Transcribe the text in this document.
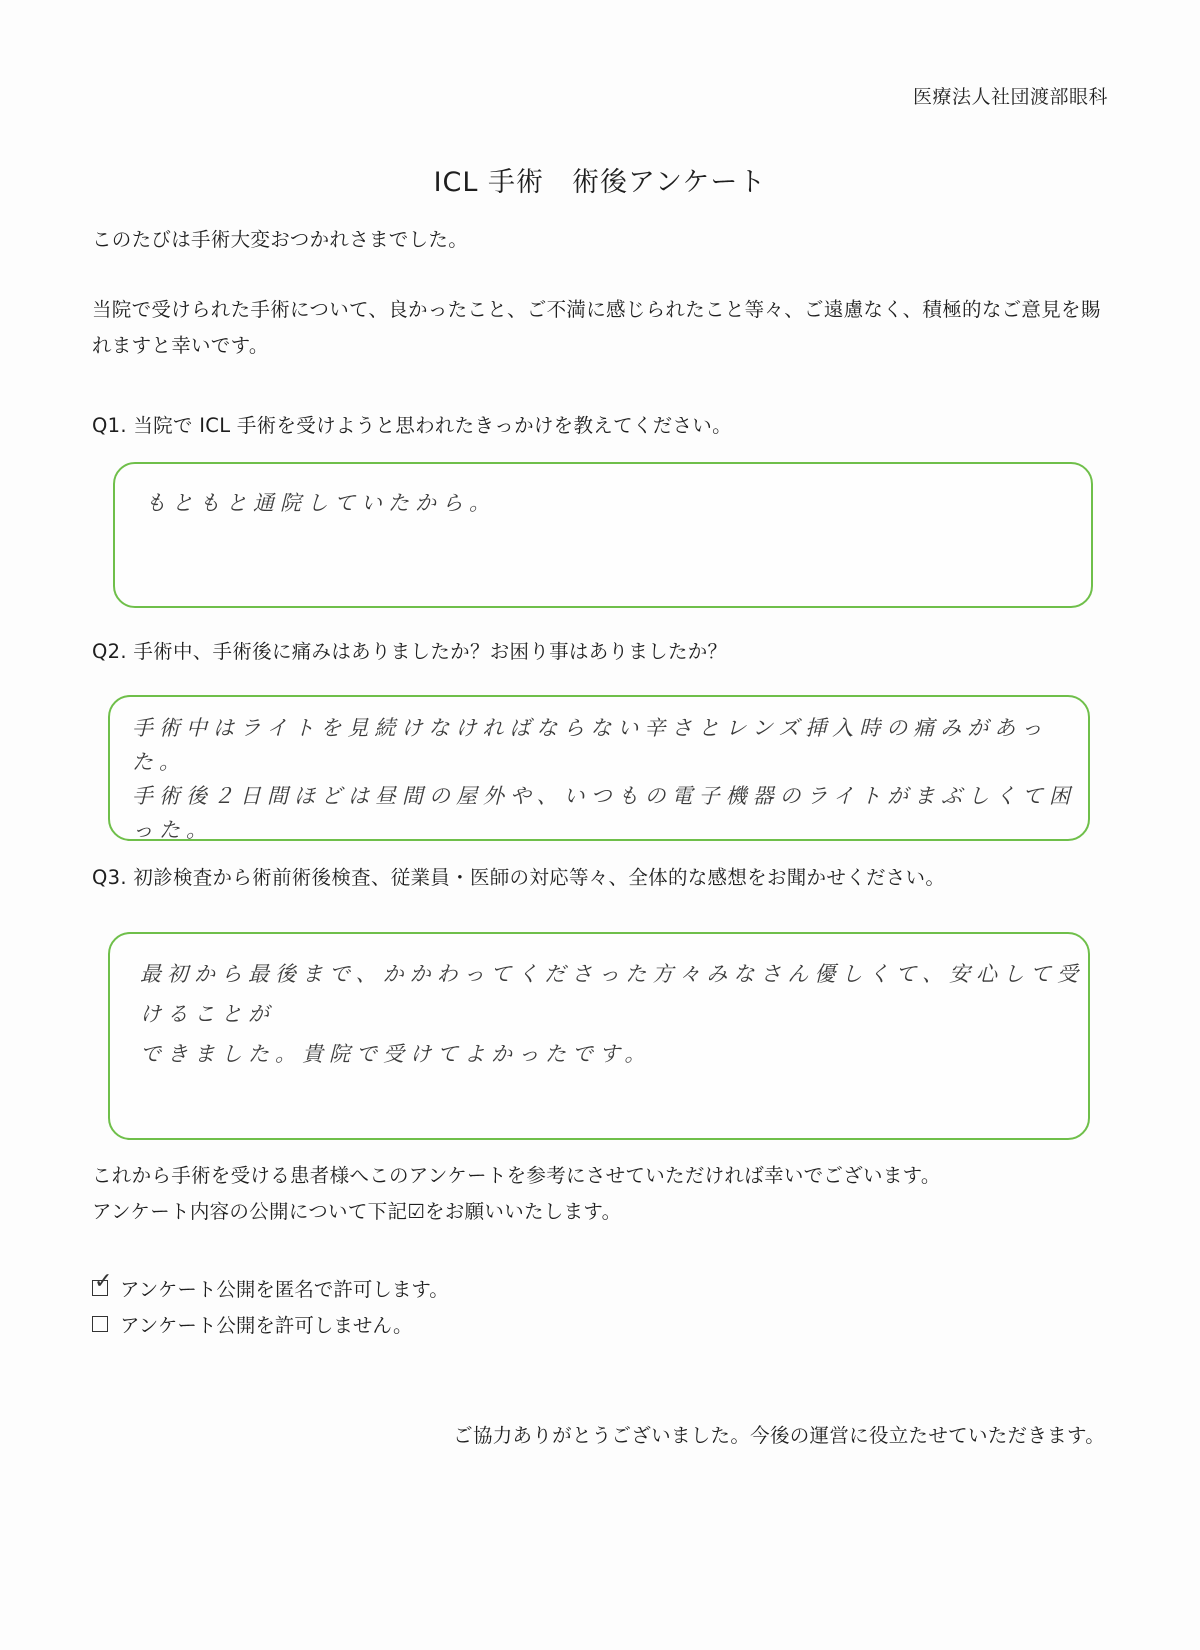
医療法人社団渡部眼科
ICL 手術　術後アンケート
このたびは手術大変おつかれさまでした。
当院で受けられた手術について、良かったこと、ご不満に感じられたこと等々、ご遠慮なく、積極的なご意見を賜れますと幸いです。
Q1. 当院で ICL 手術を受けようと思われたきっかけを教えてください。
もともと通院していたから。
Q2. 手術中、手術後に痛みはありましたか？お困り事はありましたか？
手術中はライトを見続けなければならない辛さとレンズ挿入時の痛みがあった。
手術後２日間ほどは昼間の屋外や、いつもの電子機器のライトがまぶしくて困った。
Q3. 初診検査から術前術後検査、従業員・医師の対応等々、全体的な感想をお聞かせください。
最初から最後まで、かかわってくださった方々みなさん優しくて、安心して受けることが
できました。貴院で受けてよかったです。
これから手術を受ける患者様へこのアンケートを参考にさせていただければ幸いでございます。
アンケート内容の公開について下記☑をお願いいたします。
✓ アンケート公開を匿名で許可します。
アンケート公開を許可しません。
ご協力ありがとうございました。今後の運営に役立たせていただきます。
